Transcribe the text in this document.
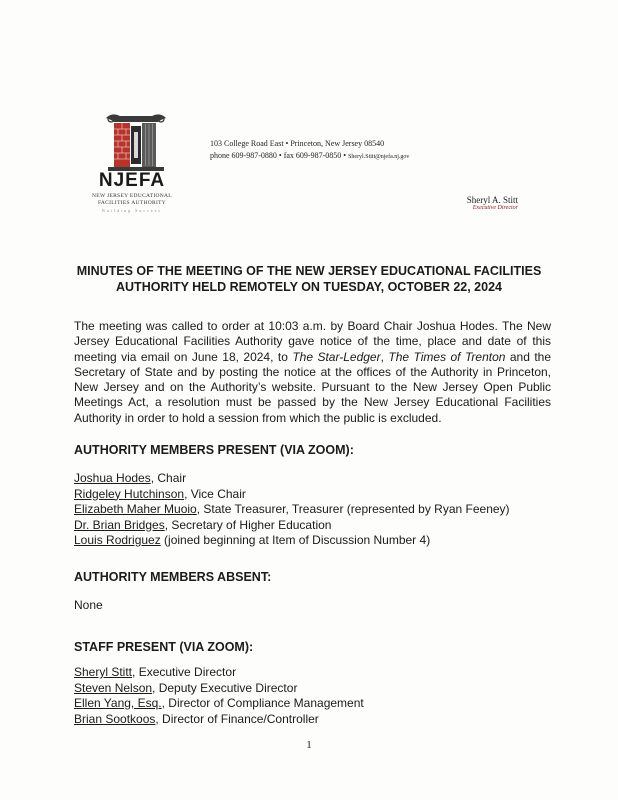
NJEFA
NEW JERSEY EDUCATIONAL
FACILITIES AUTHORITY
Building Success
103 College Road East • Princeton, New Jersey 08540
phone 609-987-0880 • fax 609-987-0850 • Sheryl.Stitt@njefa.nj.gov
Sheryl A. Stitt
Executive Director
MINUTES OF THE MEETING OF THE NEW JERSEY EDUCATIONAL FACILITIES
AUTHORITY HELD REMOTELY ON TUESDAY, OCTOBER 22, 2024
The meeting was called to order at 10:03 a.m. by Board Chair Joshua Hodes. The New Jersey Educational Facilities Authority gave notice of the time, place and date of this meeting via email on June 18, 2024, to The Star-Ledger, The Times of Trenton and the Secretary of State and by posting the notice at the offices of the Authority in Princeton, New Jersey and on the Authority’s website. Pursuant to the New Jersey Open Public Meetings Act, a resolution must be passed by the New Jersey Educational Facilities Authority in order to hold a session from which the public is excluded.
AUTHORITY MEMBERS PRESENT (VIA ZOOM):
Joshua Hodes, Chair
Ridgeley Hutchinson, Vice Chair
Elizabeth Maher Muoio, State Treasurer, Treasurer (represented by Ryan Feeney)
Dr. Brian Bridges, Secretary of Higher Education
Louis Rodriguez (joined beginning at Item of Discussion Number 4)
AUTHORITY MEMBERS ABSENT:
None
STAFF PRESENT (VIA ZOOM):
Sheryl Stitt, Executive Director
Steven Nelson, Deputy Executive Director
Ellen Yang, Esq., Director of Compliance Management
Brian Sootkoos, Director of Finance/Controller
1
